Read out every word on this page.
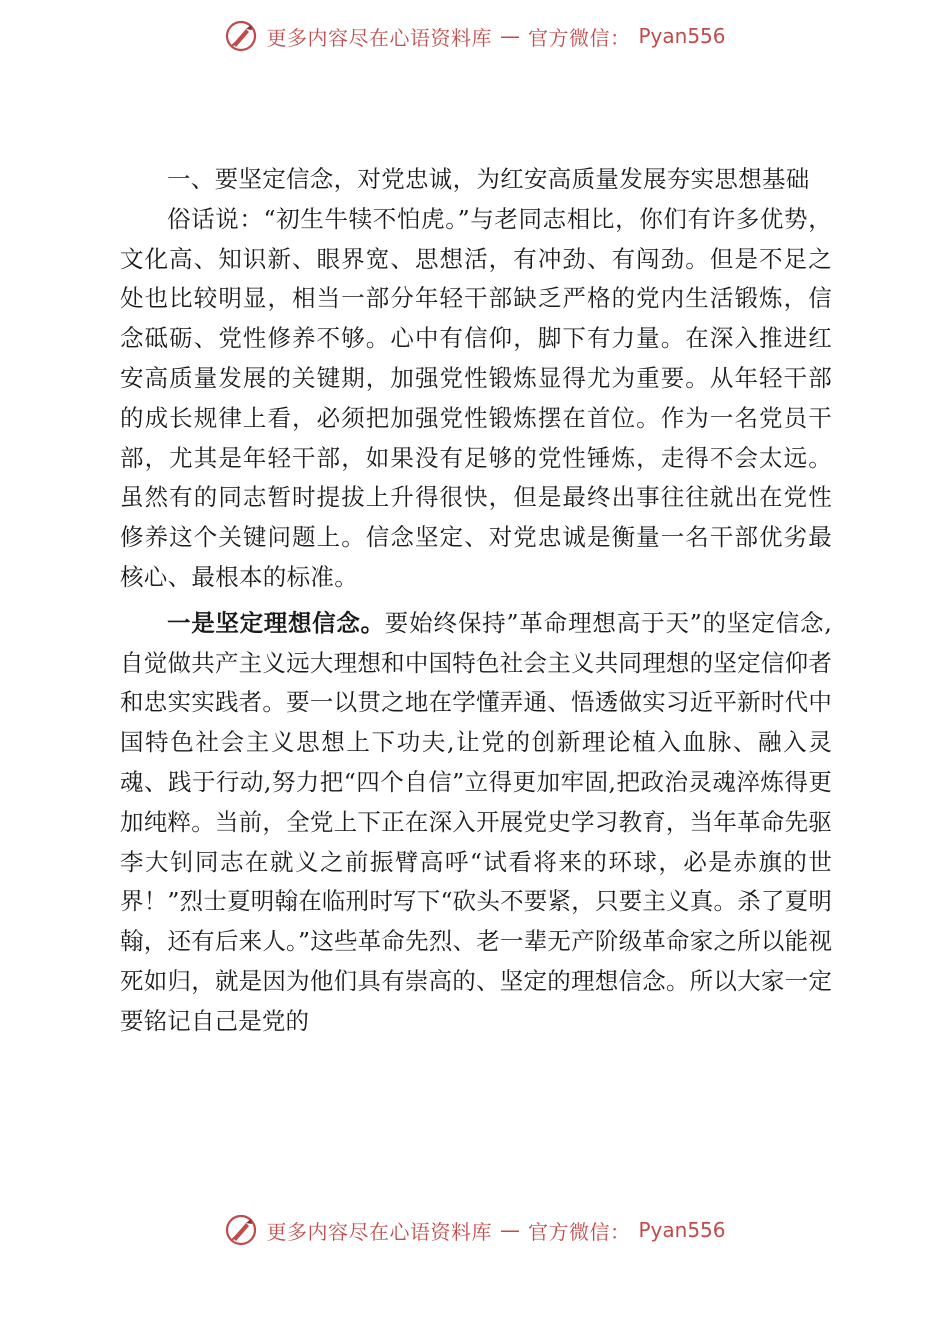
更多内容尽在心语资料库 — 官方微信： Pyan556

一、要坚定信念，对党忠诚，为红安高质量发展夯实思想基础

俗话说：“初生牛犊不怕虎。”与老同志相比，你们有许多优势，文化高、知识新、眼界宽、思想活，有冲劲、有闯劲。但是不足之处也比较明显，相当一部分年轻干部缺乏严格的党内生活锻炼，信念砥砺、党性修养不够。心中有信仰，脚下有力量。在深入推进红安高质量发展的关键期，加强党性锻炼显得尤为重要。从年轻干部的成长规律上看，必须把加强党性锻炼摆在首位。作为一名党员干部，尤其是年轻干部，如果没有足够的党性锤炼，走得不会太远。虽然有的同志暂时提拔上升得很快，但是最终出事往往就出在党性修养这个关键问题上。信念坚定、对党忠诚是衡量一名干部优劣最核心、最根本的标准。

一是坚定理想信念。要始终保持”革命理想高于天”的坚定信念,自觉做共产主义远大理想和中国特色社会主义共同理想的坚定信仰者和忠实实践者。要一以贯之地在学懂弄通、悟透做实习近平新时代中国特色社会主义思想上下功夫,让党的创新理论植入血脉、融入灵魂、践于行动,努力把“四个自信”立得更加牢固,把政治灵魂淬炼得更加纯粹。当前，全党上下正在深入开展党史学习教育，当年革命先驱李大钊同志在就义之前振臂高呼“试看将来的环球，必是赤旗的世界！”烈士夏明翰在临刑时写下“砍头不要紧，只要主义真。杀了夏明翰，还有后来人。”这些革命先烈、老一辈无产阶级革命家之所以能视死如归，就是因为他们具有崇高的、坚定的理想信念。所以大家一定要铭记自己是党的

更多内容尽在心语资料库 — 官方微信： Pyan556
